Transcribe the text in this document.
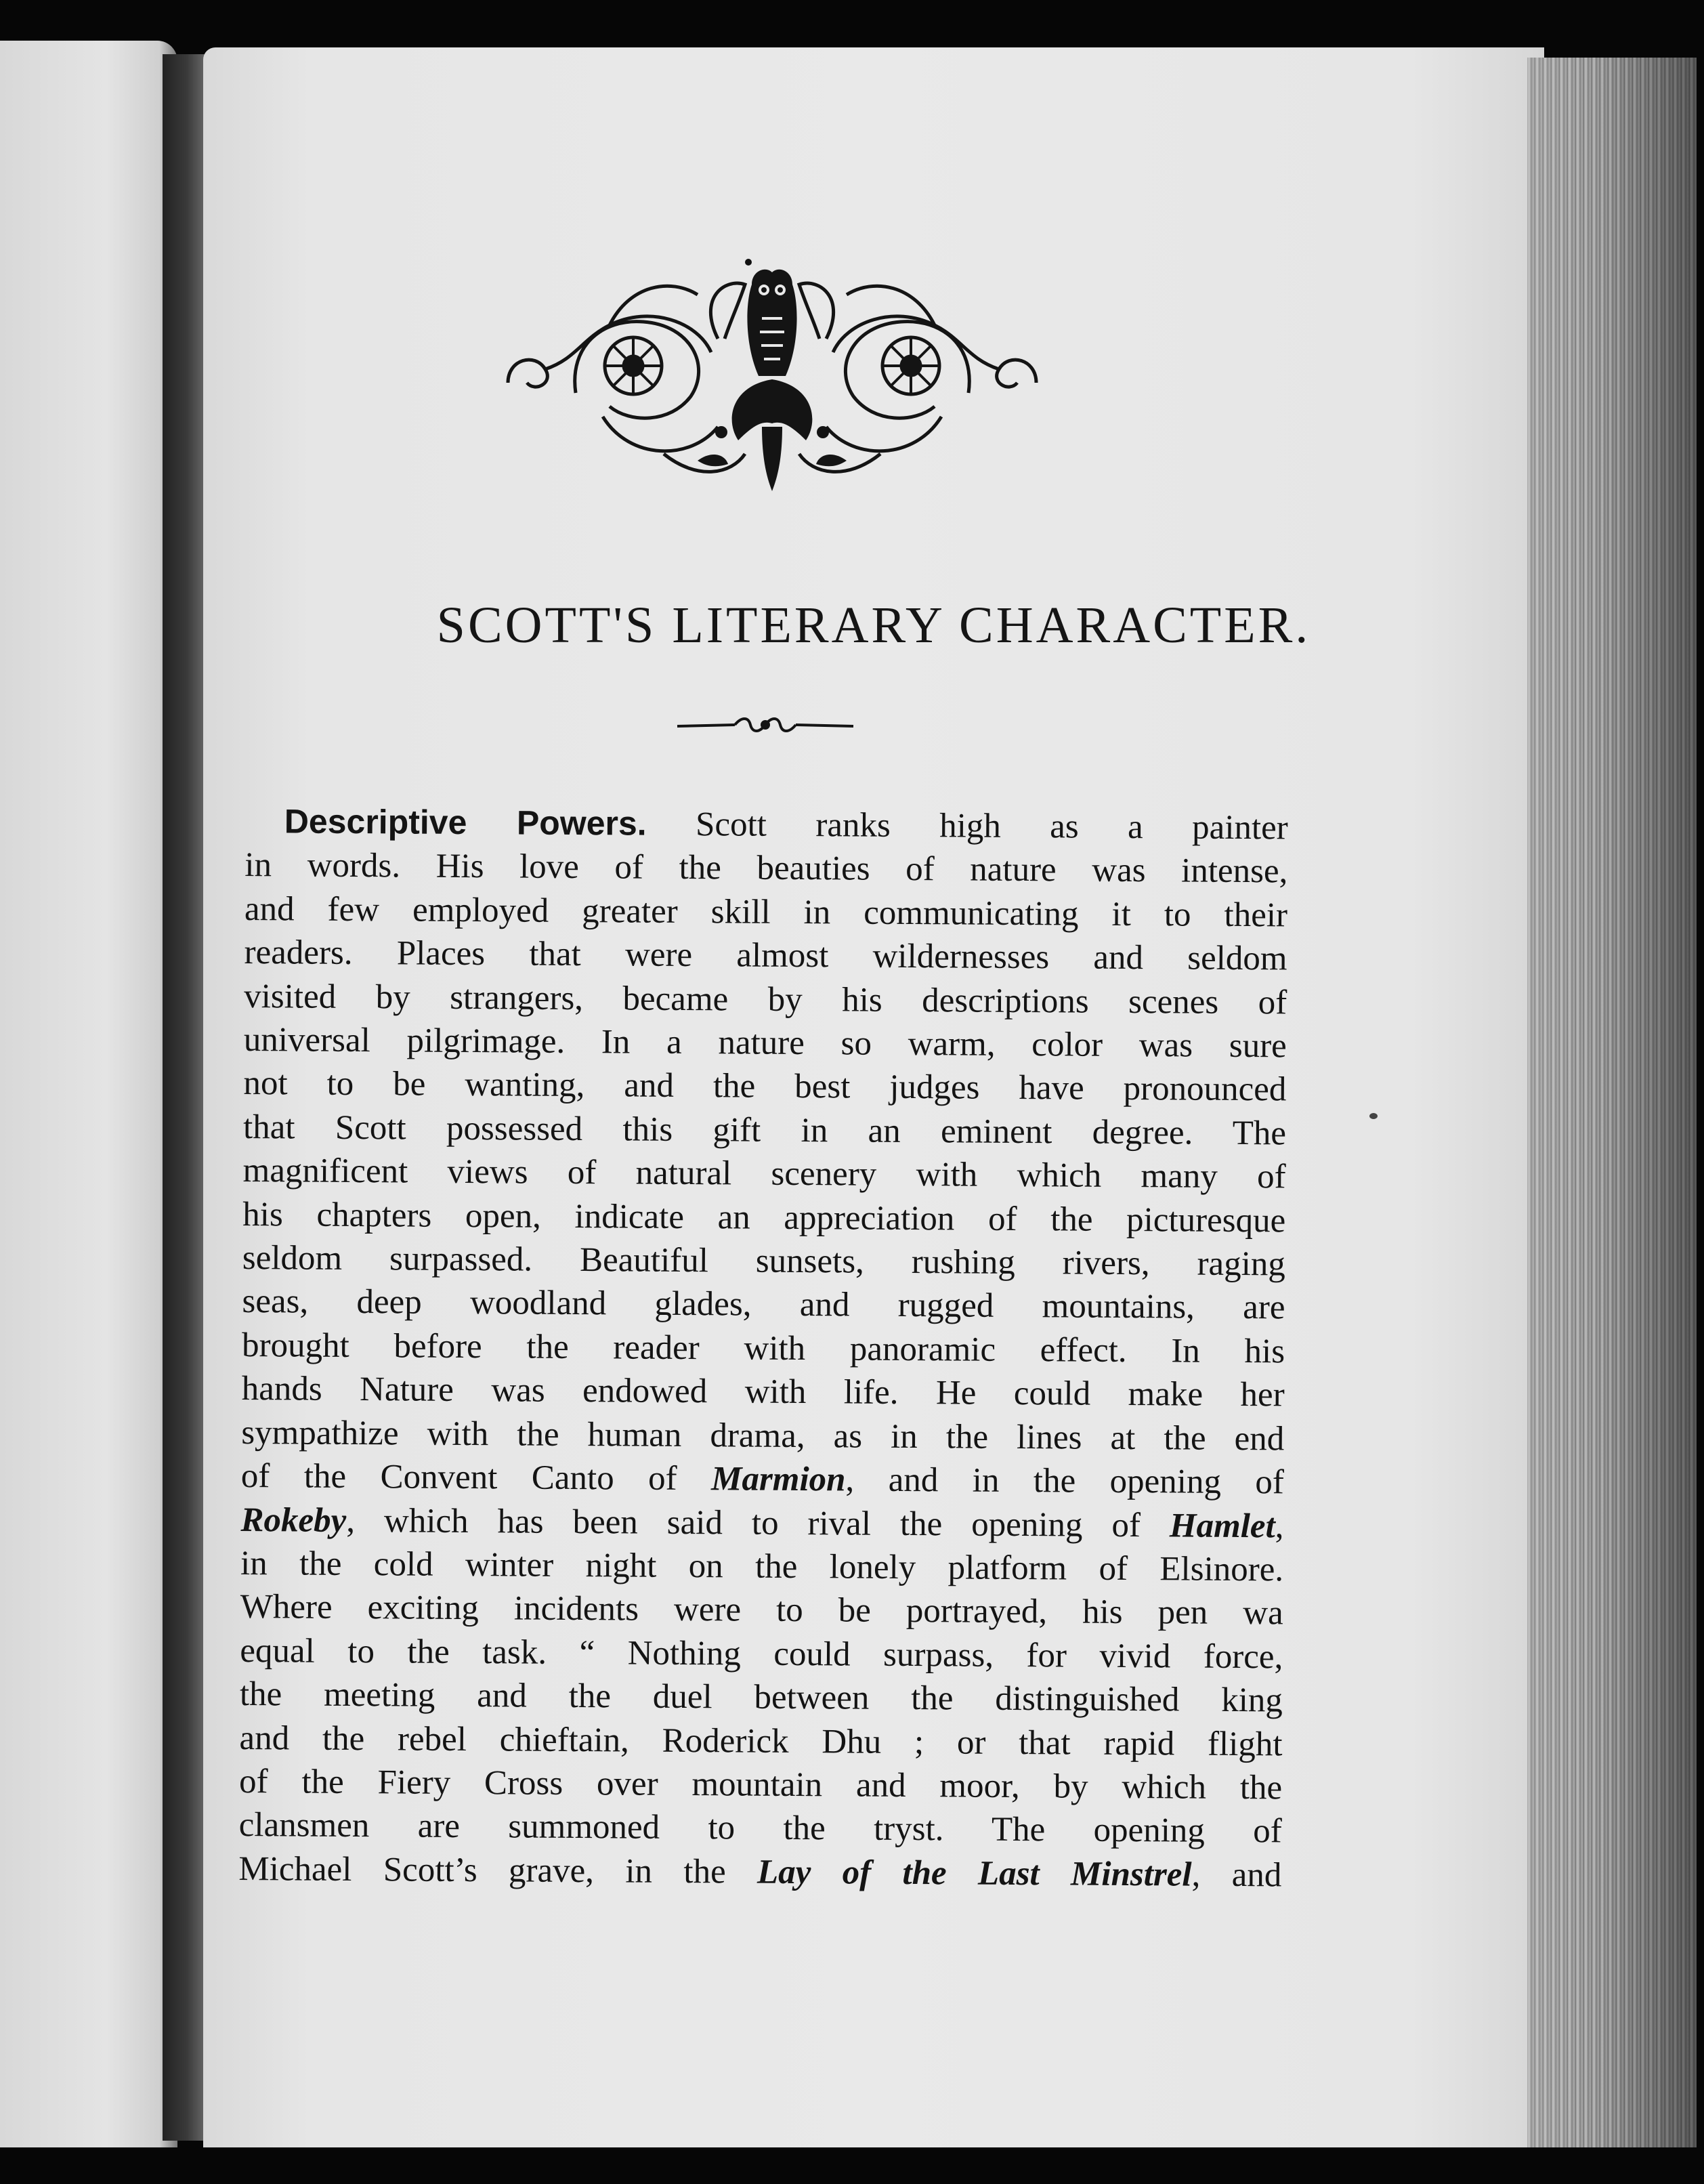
SCOTT'S LITERARY CHARACTER.
Descriptive Powers. Scott ranks high as a painter
in words. His love of the beauties of nature was intense,
and few employed greater skill in communicating it to their
readers. Places that were almost wildernesses and seldom
visited by strangers, became by his descriptions scenes of
universal pilgrimage. In a nature so warm, color was sure
not to be wanting, and the best judges have pronounced
that Scott possessed this gift in an eminent degree. The
magnificent views of natural scenery with which many of
his chapters open, indicate an appreciation of the picturesque
seldom surpassed. Beautiful sunsets, rushing rivers, raging
seas, deep woodland glades, and rugged mountains, are
brought before the reader with panoramic effect. In his
hands Nature was endowed with life. He could make her
sympathize with the human drama, as in the lines at the end
of the Convent Canto of Marmion, and in the opening of
Rokeby, which has been said to rival the opening of Hamlet,
in the cold winter night on the lonely platform of Elsinore.
Where exciting incidents were to be portrayed, his pen wa
equal to the task. “ Nothing could surpass, for vivid force,
the meeting and the duel between the distinguished king
and the rebel chieftain, Roderick Dhu ; or that rapid flight
of the Fiery Cross over mountain and moor, by which the
clansmen are summoned to the tryst. The opening of
Michael Scott’s grave, in the Lay of the Last Minstrel, and
